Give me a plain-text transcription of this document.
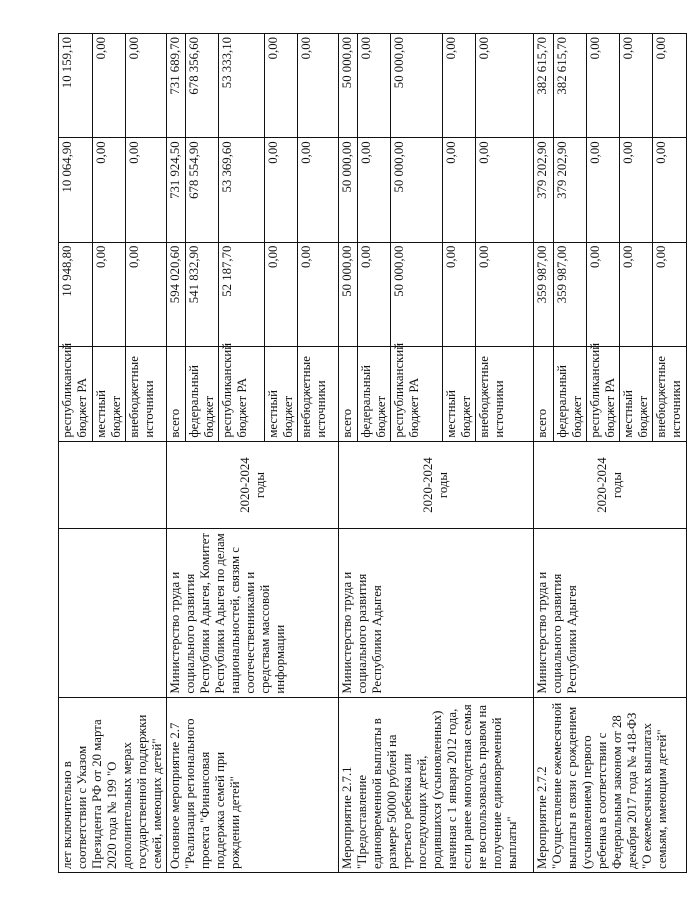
лет включительно в соответствии с Указом Президента РФ от 20 марта 2020 года № 199 "О дополнительных мерах государственной поддержки семей, имеющих детей"			республиканский бюджет РА	10 948,80	10 064,90	10 159,10
			местный бюджет	0,00	0,00	0,00
			внебюджетные источники	0,00	0,00	0,00
Основное мероприятие 2.7 "Реализация регионального проекта "Финансовая поддержка семей при рождении детей"	Министерство труда и социального развития Республики Адыгея, Комитет Республики Адыгея по делам национальностей, связям с соотечественниками и средствам массовой информации	2020-2024 годы	всего	594 020,60	731 924,50	731 689,70
			федеральный бюджет	541 832,90	678 554,90	678 356,60
			республиканский бюджет РА	52 187,70	53 369,60	53 333,10
			местный бюджет	0,00	0,00	0,00
			внебюджетные источники	0,00	0,00	0,00
Мероприятие 2.7.1 "Предоставление единовременной выплаты в размере 50000 рублей на третьего ребенка или последующих детей, родившихся (усыновленных) начиная с 1 января 2012 года, если ранее многодетная семья не воспользовалась правом на получение единовременной выплаты"	Министерство труда и социального развития Республики Адыгея	2020-2024 годы	всего	50 000,00	50 000,00	50 000,00
			федеральный бюджет	0,00	0,00	0,00
			республиканский бюджет РА	50 000,00	50 000,00	50 000,00
			местный бюджет	0,00	0,00	0,00
			внебюджетные источники	0,00	0,00	0,00
Мероприятие 2.7.2 "Осуществление ежемесячной выплаты в связи с рождением (усыновлением) первого ребенка в соответствии с Федеральным законом от 28 декабря 2017 года № 418-ФЗ "О ежемесячных выплатах семьям, имеющим детей"	Министерство труда и социального развития Республики Адыгея	2020-2024 годы	всего	359 987,00	379 202,90	382 615,70
			федеральный бюджет	359 987,00	379 202,90	382 615,70
			республиканский бюджет РА	0,00	0,00	0,00
			местный бюджет	0,00	0,00	0,00
			внебюджетные источники	0,00	0,00	0,00
